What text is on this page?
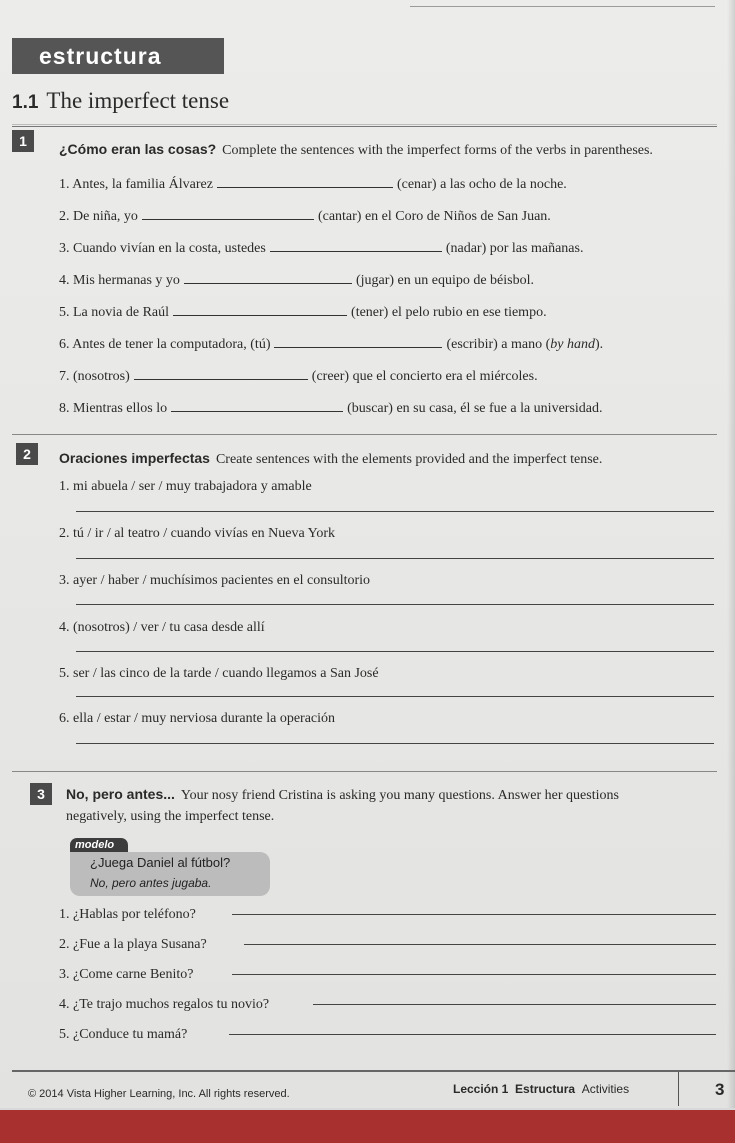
estructura
1.1 The imperfect tense
1	¿Cómo eran las cosas? Complete the sentences with the imperfect forms of the verbs in parentheses.
1. Antes, la familia Álvarez	(cenar) a las ocho de la noche.
2. De niña, yo	(cantar) en el Coro de Niños de San Juan.
3. Cuando vivían en la costa, ustedes	(nadar) por las mañanas.
4. Mis hermanas y yo	(jugar) en un equipo de béisbol.
5. La novia de Raúl	(tener) el pelo rubio en ese tiempo.
6. Antes de tener la computadora, (tú)	(escribir) a mano (by hand).
7. (nosotros)	(creer) que el concierto era el miércoles.
8. Mientras ellos lo	(buscar) en su casa, él se fue a la universidad.
2	Oraciones imperfectas Create sentences with the elements provided and the imperfect tense.
1. mi abuela / ser / muy trabajadora y amable
2. tú / ir / al teatro / cuando vivías en Nueva York
3. ayer / haber / muchísimos pacientes en el consultorio
4. (nosotros) / ver / tu casa desde allí
5. ser / las cinco de la tarde / cuando llegamos a San José
6. ella / estar / muy nerviosa durante la operación
3	No, pero antes... Your nosy friend Cristina is asking you many questions. Answer her questions
negatively, using the imperfect tense.
modelo
¿Juega Daniel al fútbol?
No, pero antes jugaba.
1. ¿Hablas por teléfono?
2. ¿Fue a la playa Susana?
3. ¿Come carne Benito?
4. ¿Te trajo muchos regalos tu novio?
5. ¿Conduce tu mamá?
© 2014 Vista Higher Learning, Inc. All rights reserved.	Lección 1 Estructura Activities	3
